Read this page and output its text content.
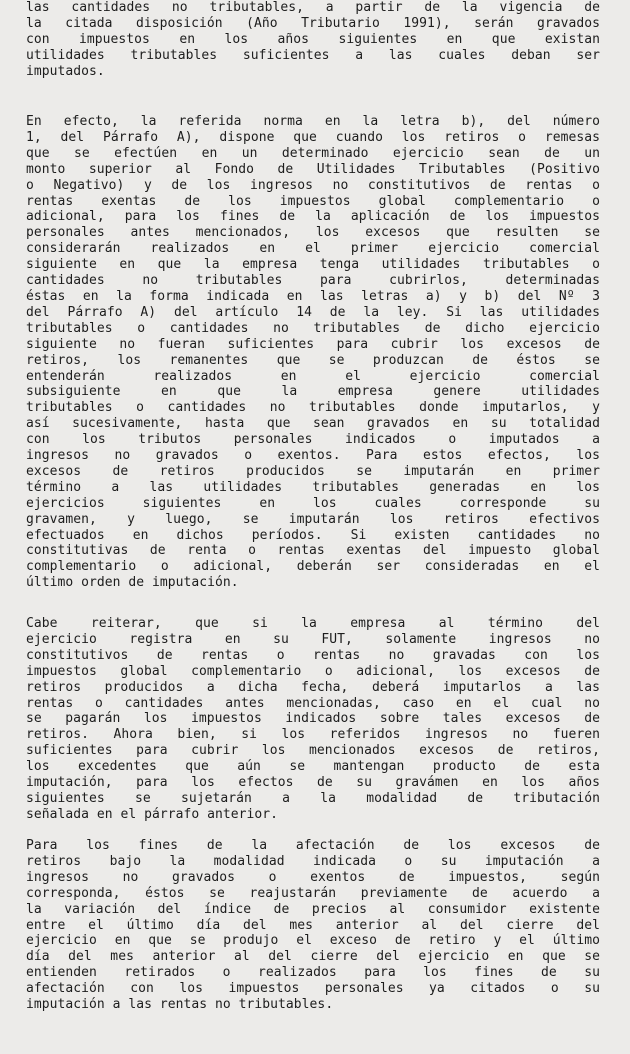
las cantidades no tributables, a partir de la vigencia de
la citada disposición (Año Tributario 1991), serán gravados
con impuestos en los años siguientes en que existan
utilidades tributables suficientes a las cuales deban ser
imputados.
En efecto, la referida norma en la letra b), del número
1, del Párrafo A), dispone que cuando los retiros o remesas
que se efectúen en un determinado ejercicio sean de un
monto superior al Fondo de Utilidades Tributables (Positivo
o Negativo) y de los ingresos no constitutivos de rentas o
rentas exentas de los impuestos global complementario o
adicional, para los fines de la aplicación de los impuestos
personales antes mencionados, los excesos que resulten se
considerarán realizados en el primer ejercicio comercial
siguiente en que la empresa tenga utilidades tributables o
cantidades no tributables para cubrirlos, determinadas
éstas en la forma indicada en las letras a) y b) del Nº 3
del Párrafo A) del artículo 14 de la ley. Si las utilidades
tributables o cantidades no tributables de dicho ejercicio
siguiente no fueran suficientes para cubrir los excesos de
retiros, los remanentes que se produzcan de éstos se
entenderán realizados en el ejercicio comercial
subsiguiente en que la empresa genere utilidades
tributables o cantidades no tributables donde imputarlos, y
así sucesivamente, hasta que sean gravados en su totalidad
con los tributos personales indicados o imputados a
ingresos no gravados o exentos. Para estos efectos, los
excesos de retiros producidos se imputarán en primer
término a las utilidades tributables generadas en los
ejercicios siguientes en los cuales corresponde su
gravamen, y luego, se imputarán los retiros efectivos
efectuados en dichos períodos. Si existen cantidades no
constitutivas de renta o rentas exentas del impuesto global
complementario o adicional, deberán ser consideradas en el
último orden de imputación.
Cabe reiterar, que si la empresa al término del
ejercicio registra en su FUT, solamente ingresos no
constitutivos de rentas o rentas no gravadas con los
impuestos global complementario o adicional, los excesos de
retiros producidos a dicha fecha, deberá imputarlos a las
rentas o cantidades antes mencionadas, caso en el cual no
se pagarán los impuestos indicados sobre tales excesos de
retiros. Ahora bien, si los referidos ingresos no fueren
suficientes para cubrir los mencionados excesos de retiros,
los excedentes que aún se mantengan producto de esta
imputación, para los efectos de su gravámen en los años
siguientes se sujetarán a la modalidad de tributación
señalada en el párrafo anterior.
Para los fines de la afectación de los excesos de
retiros bajo la modalidad indicada o su imputación a
ingresos no gravados o exentos de impuestos, según
corresponda, éstos se reajustarán previamente de acuerdo a
la variación del índice de precios al consumidor existente
entre el último día del mes anterior al del cierre del
ejercicio en que se produjo el exceso de retiro y el último
día del mes anterior al del cierre del ejercicio en que se
entienden retirados o realizados para los fines de su
afectación con los impuestos personales ya citados o su
imputación a las rentas no tributables.
